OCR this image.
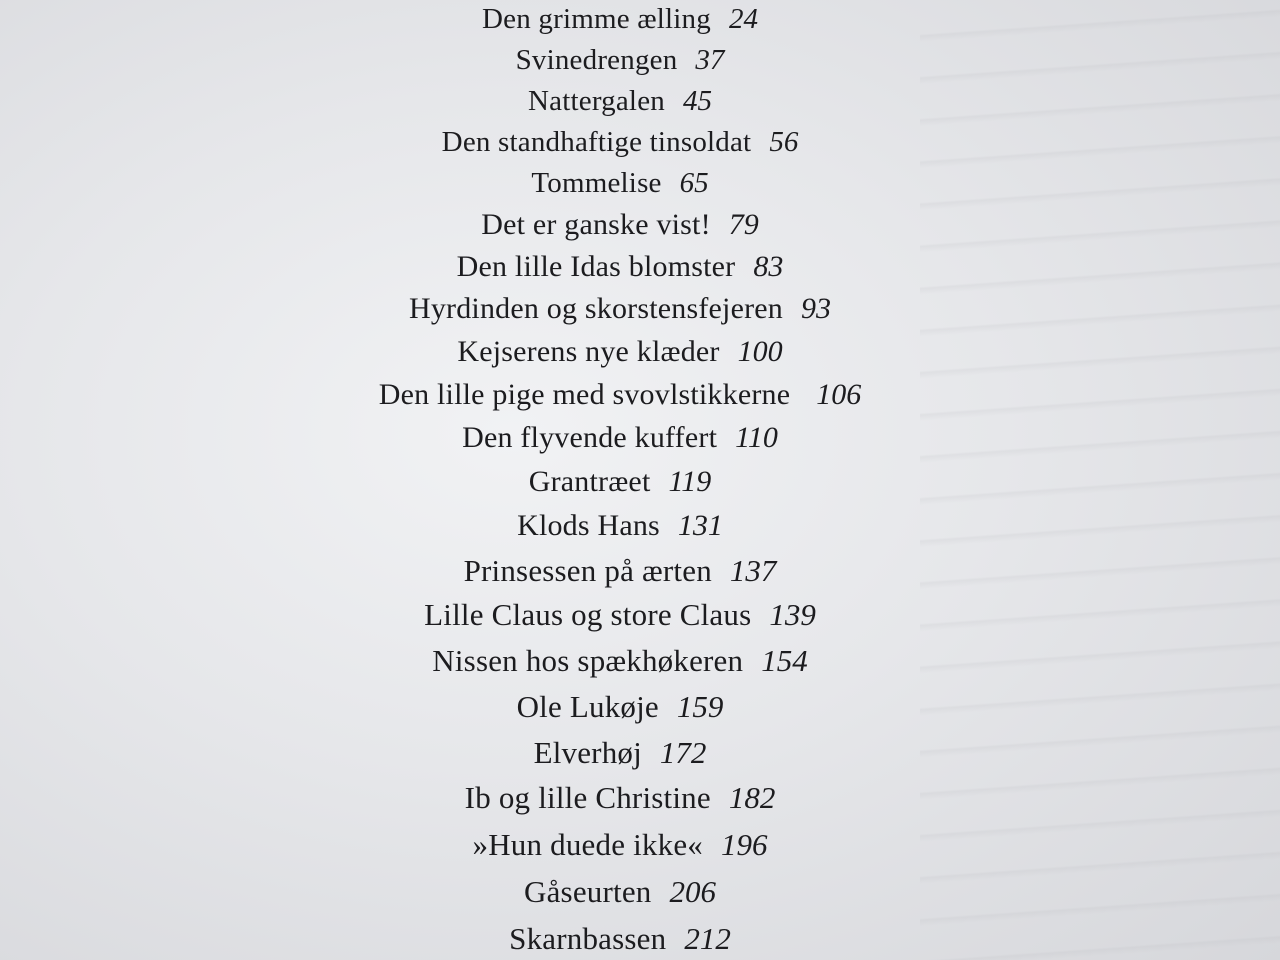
Den grimme ælling 24
Svinedrengen 37
Nattergalen 45
Den standhaftige tinsoldat 56
Tommelise 65
Det er ganske vist! 79
Den lille Idas blomster 83
Hyrdinden og skorstensfejeren 93
Kejserens nye klæder 100
Den lille pige med svovlstikkerne 106
Den flyvende kuffert 110
Grantræet 119
Klods Hans 131
Prinsessen på ærten 137
Lille Claus og store Claus 139
Nissen hos spækhøkeren 154
Ole Lukøje 159
Elverhøj 172
Ib og lille Christine 182
»Hun duede ikke« 196
Gåseurten 206
Skarnbassen 212
